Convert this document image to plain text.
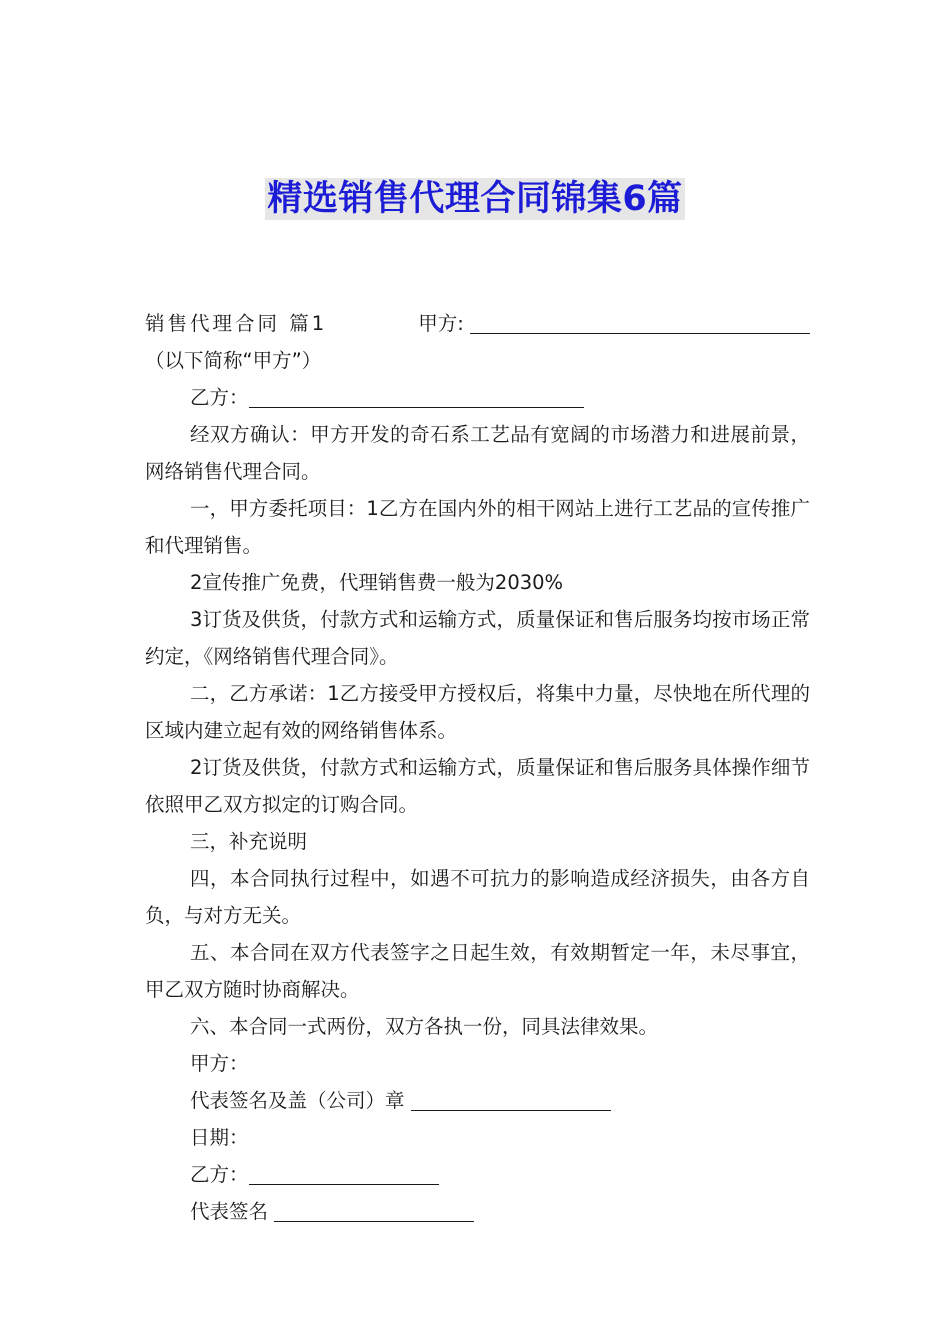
精选销售代理合同锦集6篇
销售代理合同 篇1	甲方:

（以下简称“甲方”）

乙方：

经双方确认：甲方开发的奇石系工艺品有宽阔的市场潜力和进展前景，网络销售代理合同。

一，甲方委托项目：1乙方在国内外的相干网站上进行工艺品的宣传推广和代理销售。

2宣传推广免费，代理销售费一般为2030%

3订货及供货，付款方式和运输方式，质量保证和售后服务均按市场正常约定，《网络销售代理合同》。

二，乙方承诺：1乙方接受甲方授权后，将集中力量，尽快地在所代理的区域内建立起有效的网络销售体系。

2订货及供货，付款方式和运输方式，质量保证和售后服务具体操作细节依照甲乙双方拟定的订购合同。

三，补充说明

四，本合同执行过程中，如遇不可抗力的影响造成经济损失，由各方自负，与对方无关。

五、本合同在双方代表签字之日起生效，有效期暂定一年，未尽事宜，甲乙双方随时协商解决。

六、本合同一式两份，双方各执一份，同具法律效果。

甲方：

代表签名及盖（公司）章

日期：

乙方：

代表签名
